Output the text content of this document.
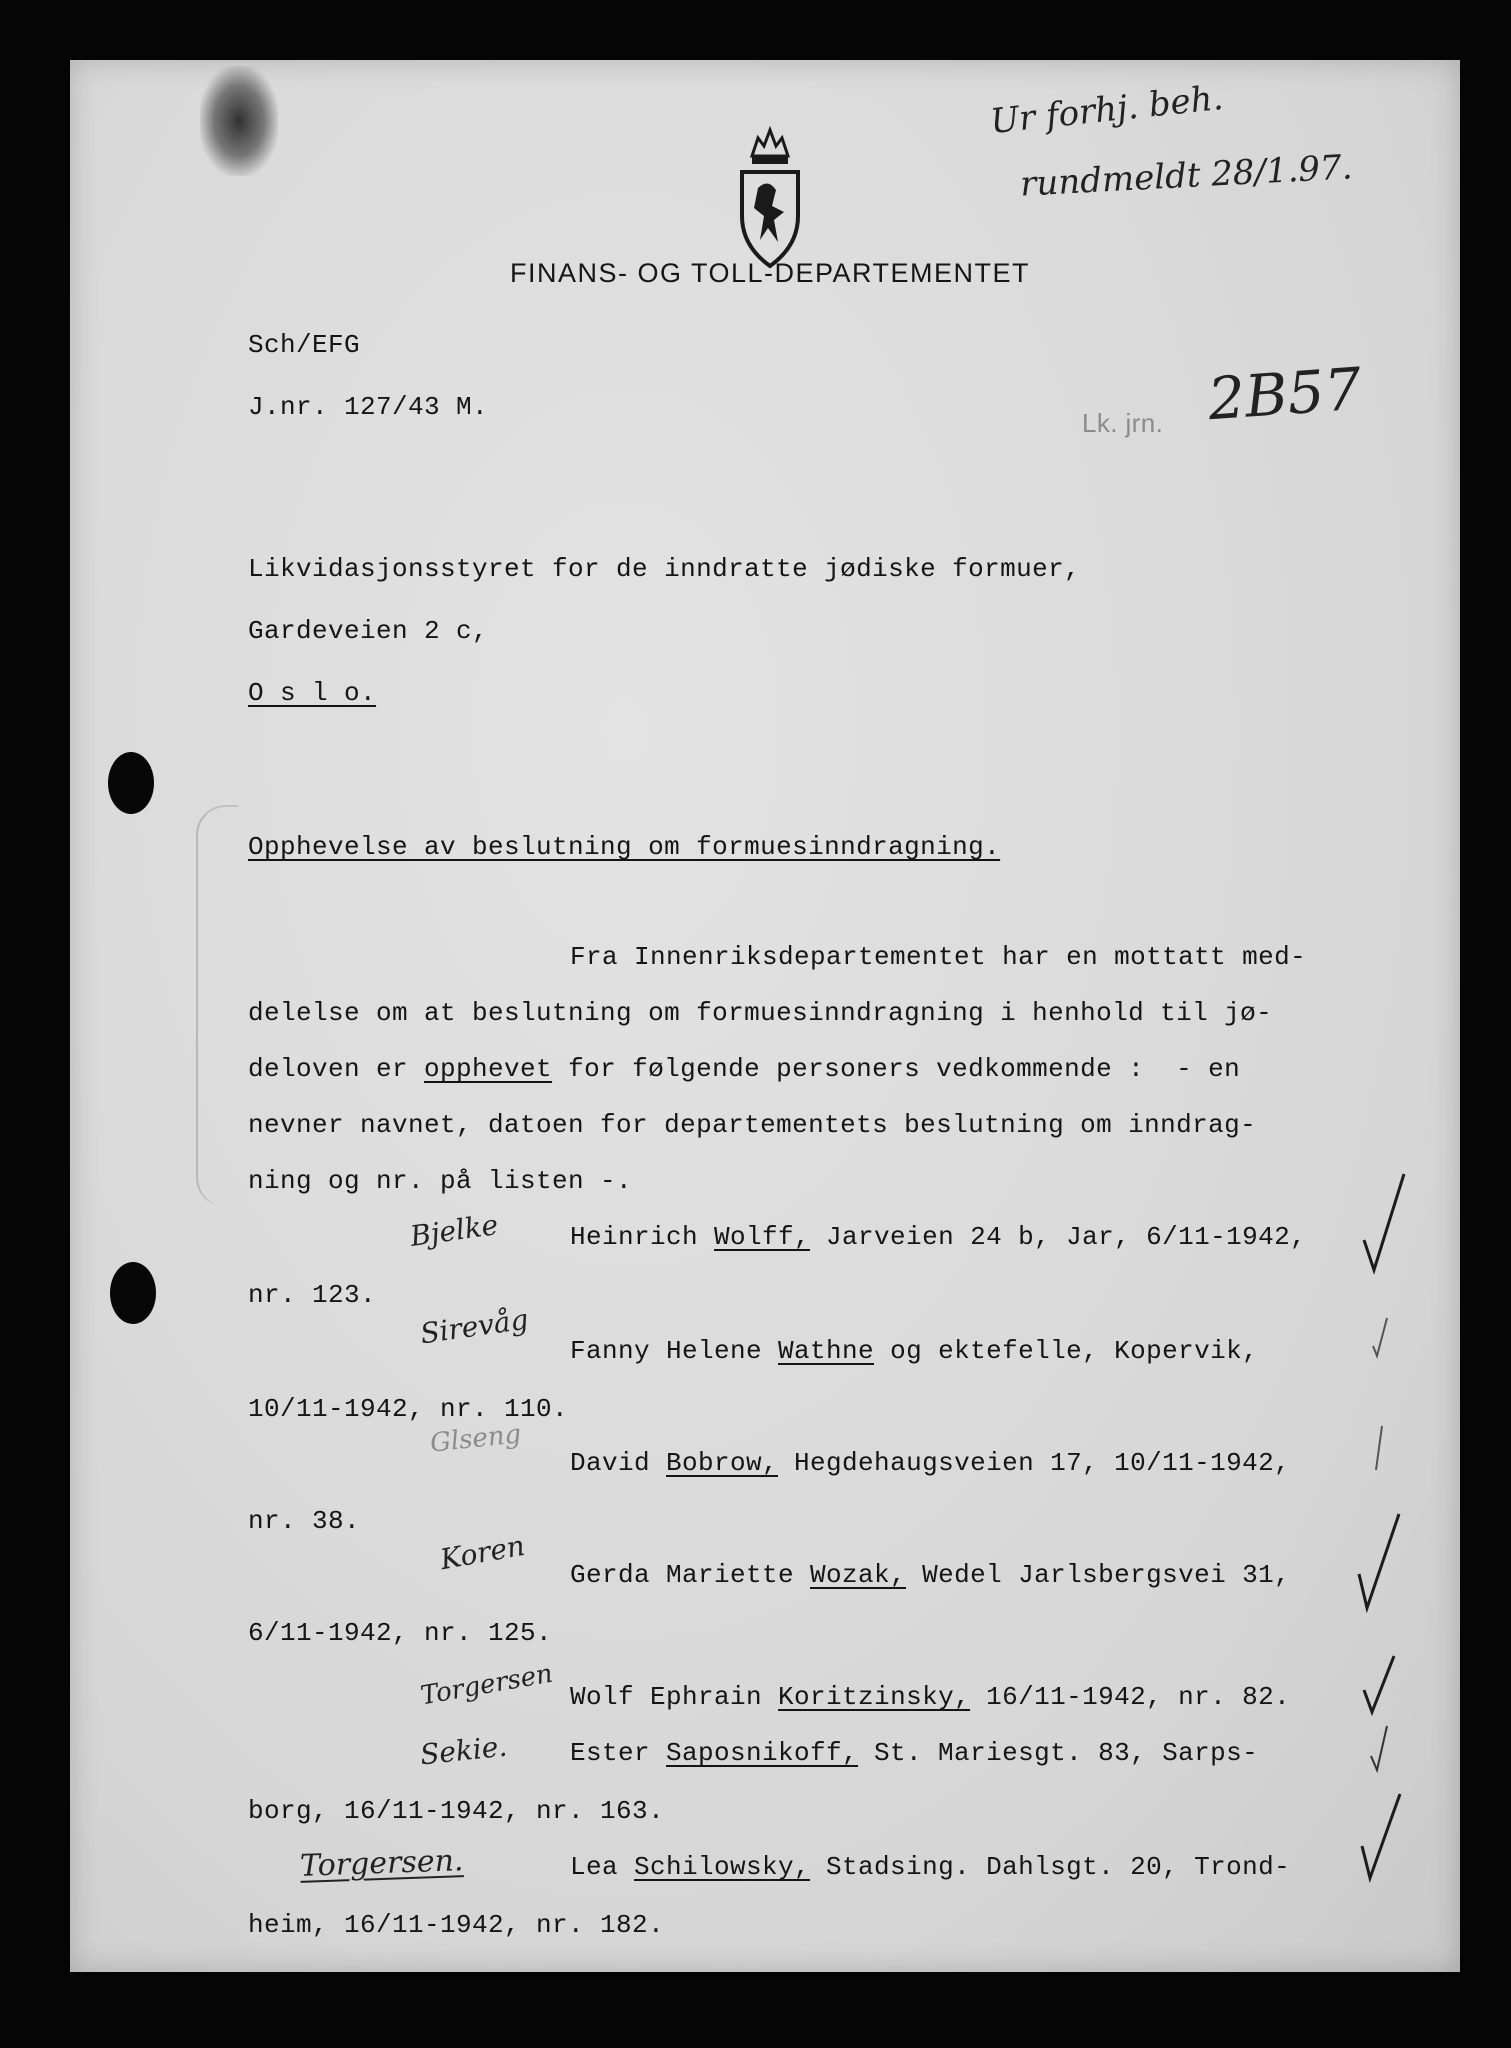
FINANS- OG TOLL-DEPARTEMENTET
Ur forhj. beh.
rundmeldt 28/1.97.
Sch/EFG
J.nr. 127/43 M.
Lk. jrn. 2B57
Likvidasjonsstyret for de inndratte jødiske formuer,
Gardeveien 2 c,
O s l o.
Opphevelse av beslutning om formuesinndragning.
Fra Innenriksdepartementet har en mottatt med-
delelse om at beslutning om formuesinndragning i henhold til jø-
deloven er opphevet for følgende personers vedkommende :  - en
nevner navnet, datoen for departementets beslutning om inndrag-
ning og nr. på listen -.
Bjelke	Heinrich Wolff, Jarveien 24 b, Jar, 6/11-1942,
nr. 123.
Sirevåg
Fanny Helene Wathne og ektefelle, Kopervik,
10/11-1942, nr. 110.
Glseng
David Bobrow, Hegdehaugsveien 17, 10/11-1942,
nr. 38.
Koren Gerda Mariette Wozak, Wedel Jarlsbergsvei 31,
6/11-1942, nr. 125.
Torgersen Wolf Ephrain Koritzinsky, 16/11-1942, nr. 82.
Sekie. Ester Saposnikoff, St. Mariesgt. 83, Sarps-
borg, 16/11-1942, nr. 163.
Torgersen.	Lea Schilowsky, Stadsing. Dahlsgt. 20, Trond-
heim, 16/11-1942, nr. 182.
